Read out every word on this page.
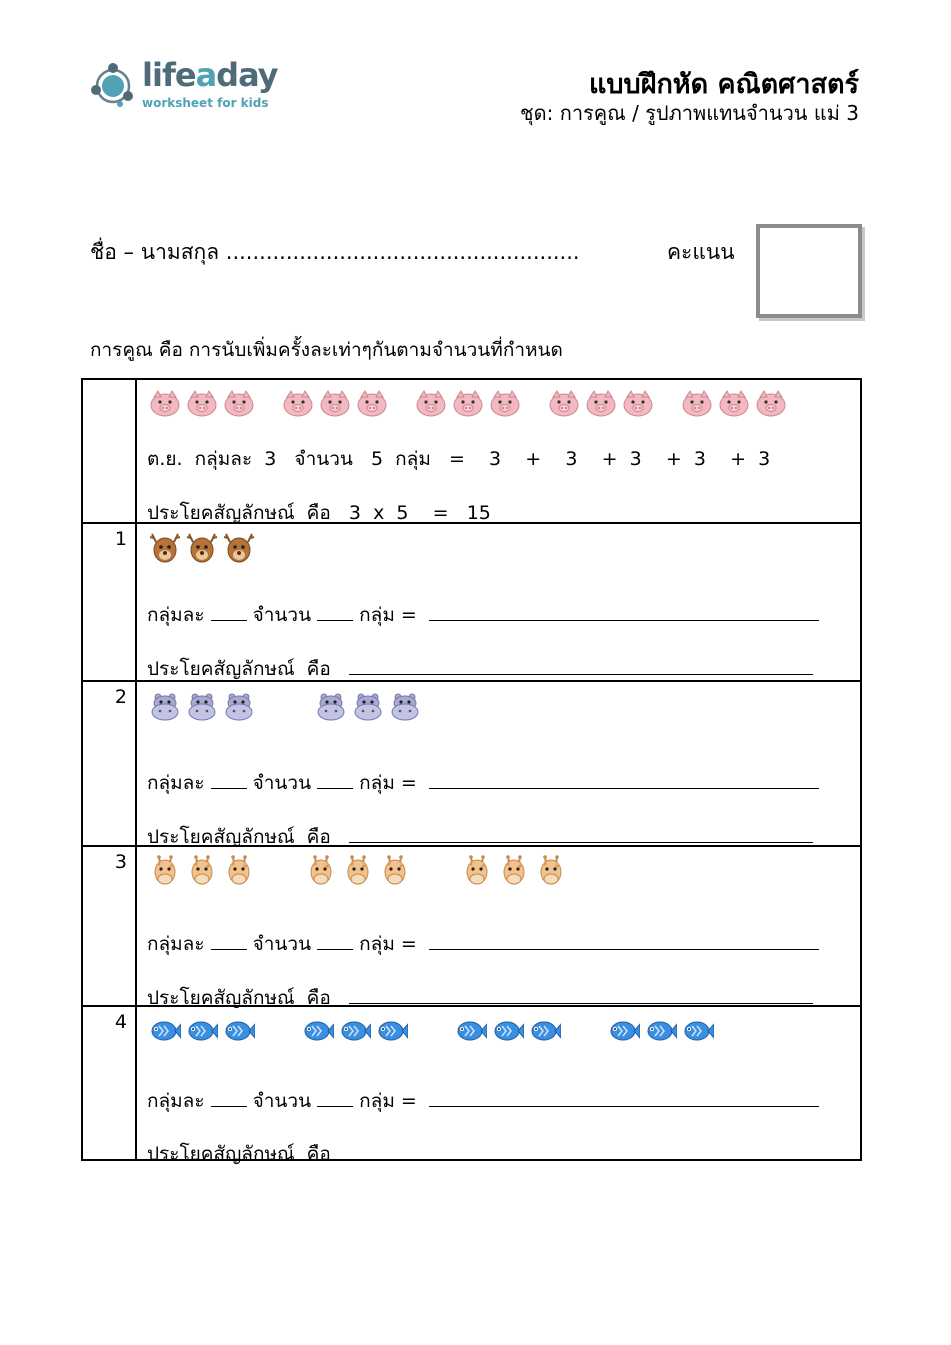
lifeaday
worksheet for kids
แบบฝึกหัด คณิตศาสตร์
ชุด: การคูณ / รูปภาพแทนจำนวน แม่ 3
ชื่อ – นามสกุล .....................................................	คะแนน
การคูณ คือ การนับเพิ่มครั้งละเท่าๆกันตามจำนวนที่กำหนด
ต.ย.  กลุ่มละ  3   จำนวน   5  กลุ่ม   =    3    +    3    +  3    +  3    +  3
ประโยคสัญลักษณ์  คือ   3  x  5    =   15
1
กลุ่มละ	จำนวน	กลุ่ม =
ประโยคสัญลักษณ์  คือ
2
กลุ่มละ	จำนวน	กลุ่ม =
ประโยคสัญลักษณ์  คือ
3
กลุ่มละ	จำนวน	กลุ่ม =
ประโยคสัญลักษณ์  คือ
4
กลุ่มละ	จำนวน	กลุ่ม =
ประโยคสัญลักษณ์  คือ
